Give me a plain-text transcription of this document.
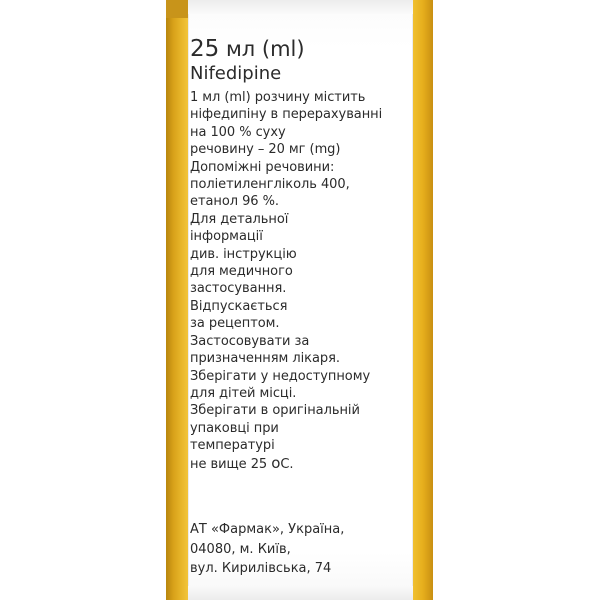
25 мл (ml)

Nifedipine

1 мл (ml) розчину містить
ніфедипіну в перерахуванні
на 100 % суху
речовину – 20 мг (mg)
Допоміжні речовини:
поліетиленгліколь 400,
етанол 96 %.
Для детальної
інформації
див. інструкцію
для медичного
застосування.
Відпускається
за рецептом.
Застосовувати за
призначенням лікаря.
Зберігати у недоступному
для дітей місці.
Зберігати в оригінальній
упаковці при
температурі
не вище 25 оС.
АТ «Фармак», Україна,
04080, м. Київ,
вул. Кирилівська, 74
